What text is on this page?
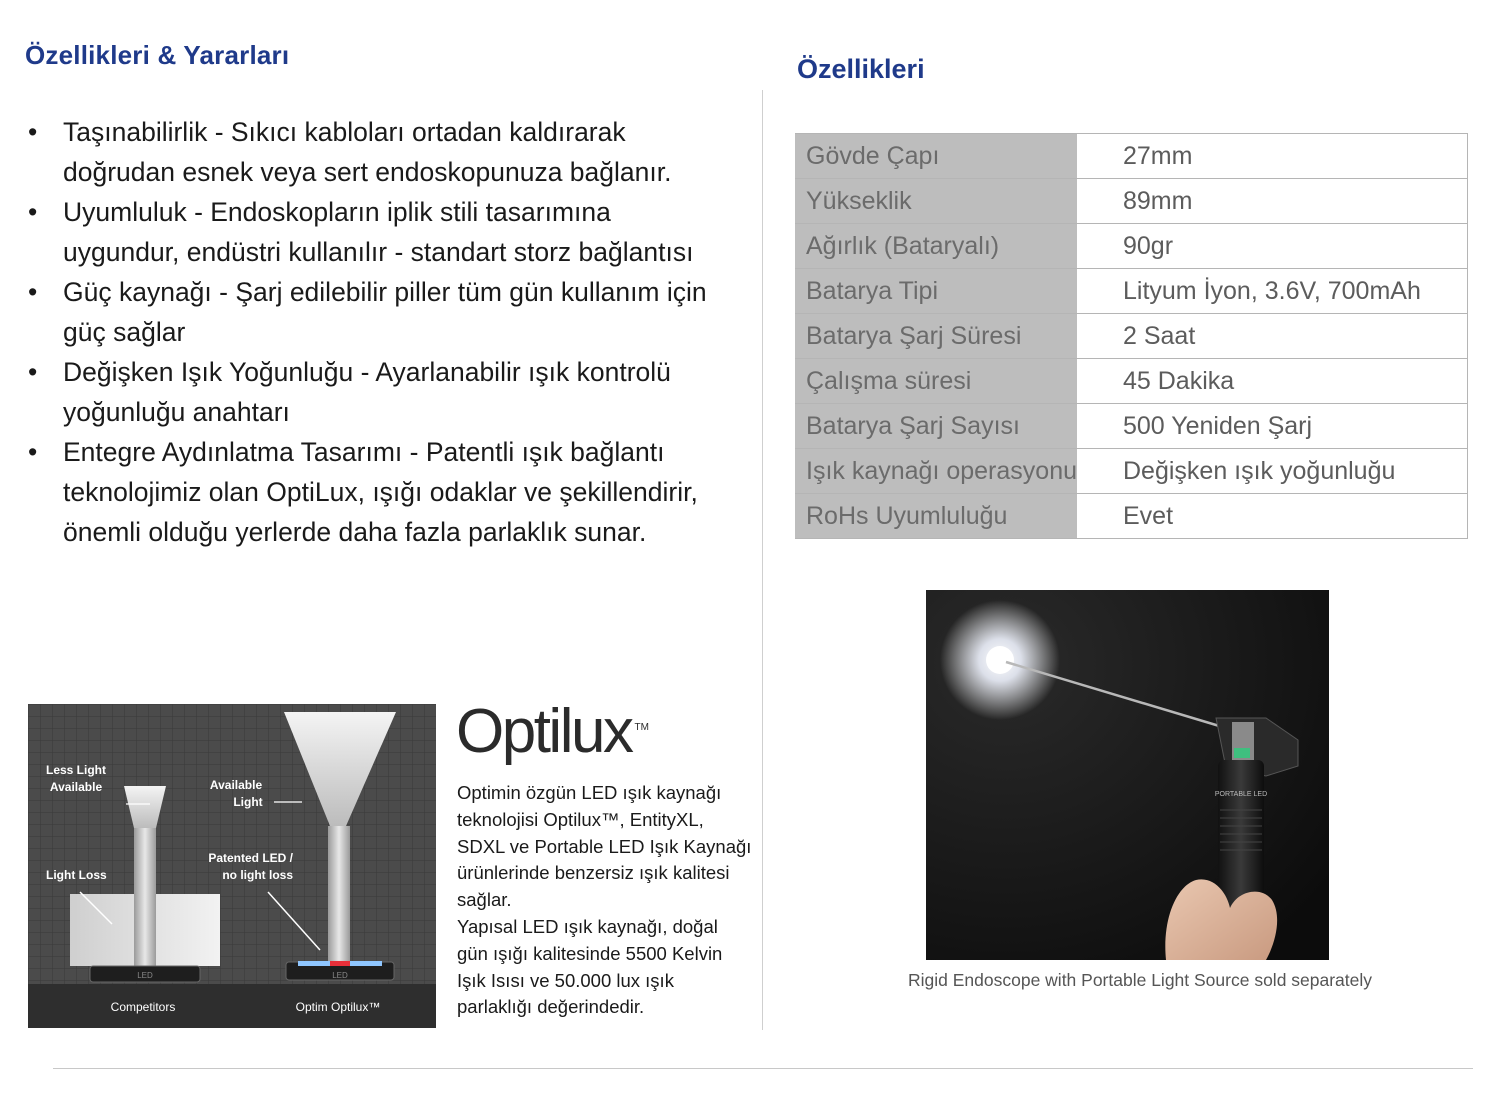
Özellikleri & Yararları
• Taşınabilirlik - Sıkıcı kabloları ortadan kaldırarak doğrudan esnek veya sert endoskopunuza bağlanır.
• Uyumluluk - Endoskopların iplik stili tasarımına uygundur, endüstri kullanılır - standart storz bağlantısı
• Güç kaynağı - Şarj edilebilir piller tüm gün kullanım için güç sağlar
• Değişken Işık Yoğunluğu - Ayarlanabilir ışık kontrolü yoğunluğu anahtarı
• Entegre Aydınlatma Tasarımı - Patentli ışık bağlantı teknolojimiz olan OptiLux, ışığı odaklar ve şekillendirir, önemli olduğu yerlerde daha fazla parlaklık sunar.
Özellikleri
Gövde Çapı	27mm
Yükseklik	89mm
Ağırlık (Bataryalı)	90gr
Batarya Tipi	Lityum İyon, 3.6V, 700mAh
Batarya Şarj Süresi	2 Saat
Çalışma süresi	45 Dakika
Batarya Şarj Sayısı	500 Yeniden Şarj
Işık kaynağı operasyonu	Değişken ışık yoğunluğu
RoHs Uyumluluğu	Evet
LED	LED
Less Light
Available
Light Loss
Available
Light
Patented LED /
no light loss
Competitors	Optim Optilux™
Optilux ™
Optimin özgün LED ışık kaynağı
teknolojisi Optilux™, EntityXL,
SDXL ve Portable LED Işık Kaynağı
ürünlerinde benzersiz ışık kalitesi
sağlar.
Yapısal LED ışık kaynağı, doğal
gün ışığı kalitesinde 5500 Kelvin
Işık Isısı ve 50.000 lux ışık
parlaklığı değerindedir.
PORTABLE LED
Rigid Endoscope with Portable Light Source sold separately
